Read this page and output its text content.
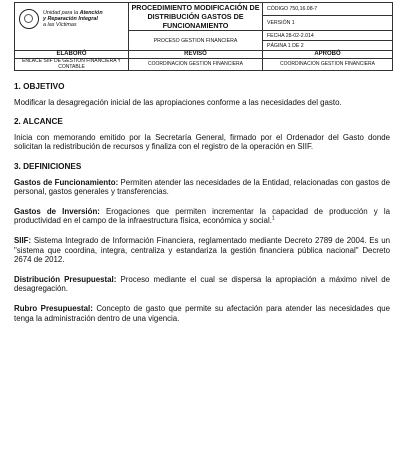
Unidad para la Atención
y Reparación Integral
a las Víctimas	PROCEDIMIENTO MODIFICACIÓN DE
DISTRIBUCIÓN GASTOS DE FUNCIONAMIENTO	CÓDIGO 750,16.08-7
		VERSIÓN 1
	PROCESO GESTION FINANCIERA	FECHA 28-02-2.014
		PÁGINA 1 DE 2
ELABORÓ	REVISÓ	APROBÓ
ENLACE SIIF DE GESTION FINANCIERA Y CONTABLE	COORDINACION GESTION FINANCIERA	COORDINACION GESTION FINANCIERA
1. OBJETIVO
Modificar la desagregación inicial de las apropiaciones conforme a las necesidades del gasto.
2. ALCANCE
Inicia con memorando emitido por la Secretaría General, firmado por el Ordenador del Gasto donde solicitan la redistribución de recursos y finaliza con el registro de la operación en SIIF.
3. DEFINICIONES
Gastos de Funcionamiento: Permiten atender las necesidades de la Entidad, relacionadas con gastos de personal, gastos generales y transferencias.
Gastos de Inversión: Erogaciones que permiten incrementar la capacidad de producción y la productividad en el campo de la infraestructura física, económica y social.$^1$
SIIF: Sistema Integrado de Información Financiera, reglamentado mediante Decreto 2789 de 2004. Es un "sistema que coordina, integra, centraliza y estandariza la gestión financiera pública nacional" Decreto 2674 de 2012.
Distribución Presupuestal: Proceso mediante el cual se dispersa la apropiación a máximo nivel de desagregación.
Rubro Presupuestal: Concepto de gasto que permite su afectación para atender las necesidades que tenga la administración dentro de una vigencia.
